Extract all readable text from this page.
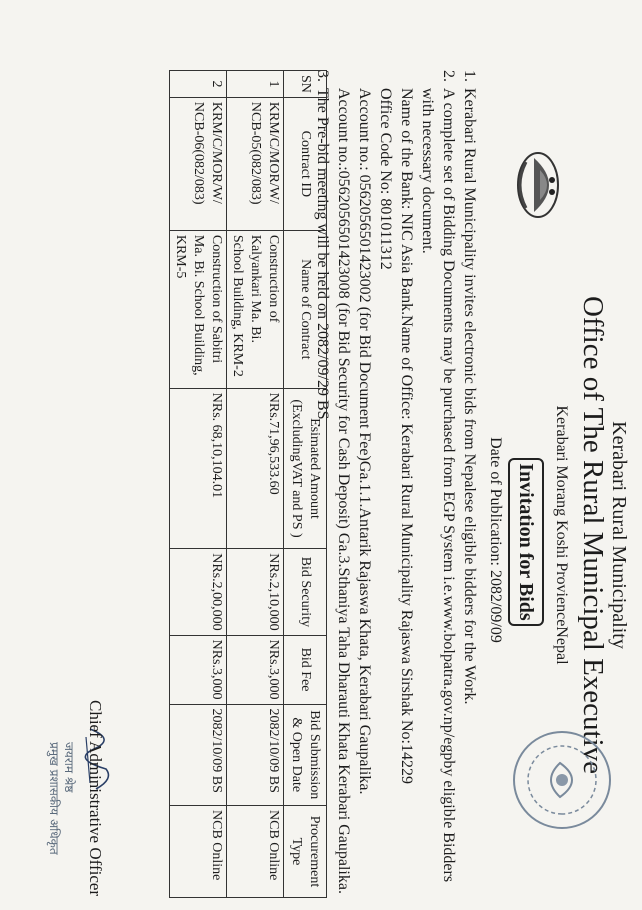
Kerabari Rural Municipality
Office of The Rural Municipal Executive
Kerabari Morang Koshi ProvienceNepal
Invitation for Bids
Date of Publication: 2082/09/09
1.
Kerabari Rural Municipality invites electronic bids from Nepalese eligible bidders for the Work.
2.
A complete set of Bidding Documents may be purchased from EGP System i.e.www.bolpatra.gov.np/egpby eligible Bidders with necessary document.
Name of the Bank: NIC Asia Bank.Name of Office: Kerabari Rural Municipality Rajaswa Sirshak No:14229
Office Code No: 801011312
Account no.: 05620565014230​02 (for Bid Document Fee)Ga.1.1.Antarik Rajaswa Khata, Kerabari Gaupalika.
Account no.:0562056501423008 (for Bid Security for Cash Deposit) Ga.3.Sthaniya Taha Dharauti Khata Kerabari Gaupalika.
3.
The Pre-bid meeting will be held on 2082/09/29 BS .
SN	Contract ID	Name of Contract	Esimated Amount (ExcludingVAT and PS )	Bid Security	Bid Fee	Bid Submission & Open Date	Procurement Type
1	KRM/C/MOR/W/ NCB-05(082/083)	Construction of Kalyankari Ma. Bi. School Building, KRM-2	NRs.71,96,533.60	NRs.2,10,000	NRs.3,000	2082/10/09 BS	NCB Online
2	KRM/C/MOR/W/ NCB-06(082/083)	Construction of Sabitri Ma. Bi. School Building, KRM-5	NRs. 68,10,104.01	NRs.2,00,000	NRs.3,000	2082/10/09 BS	NCB Online
Chief Administrative Officer
जयराम श्रेष्ठ
प्रमुख प्रशासकीय अधिकृत
